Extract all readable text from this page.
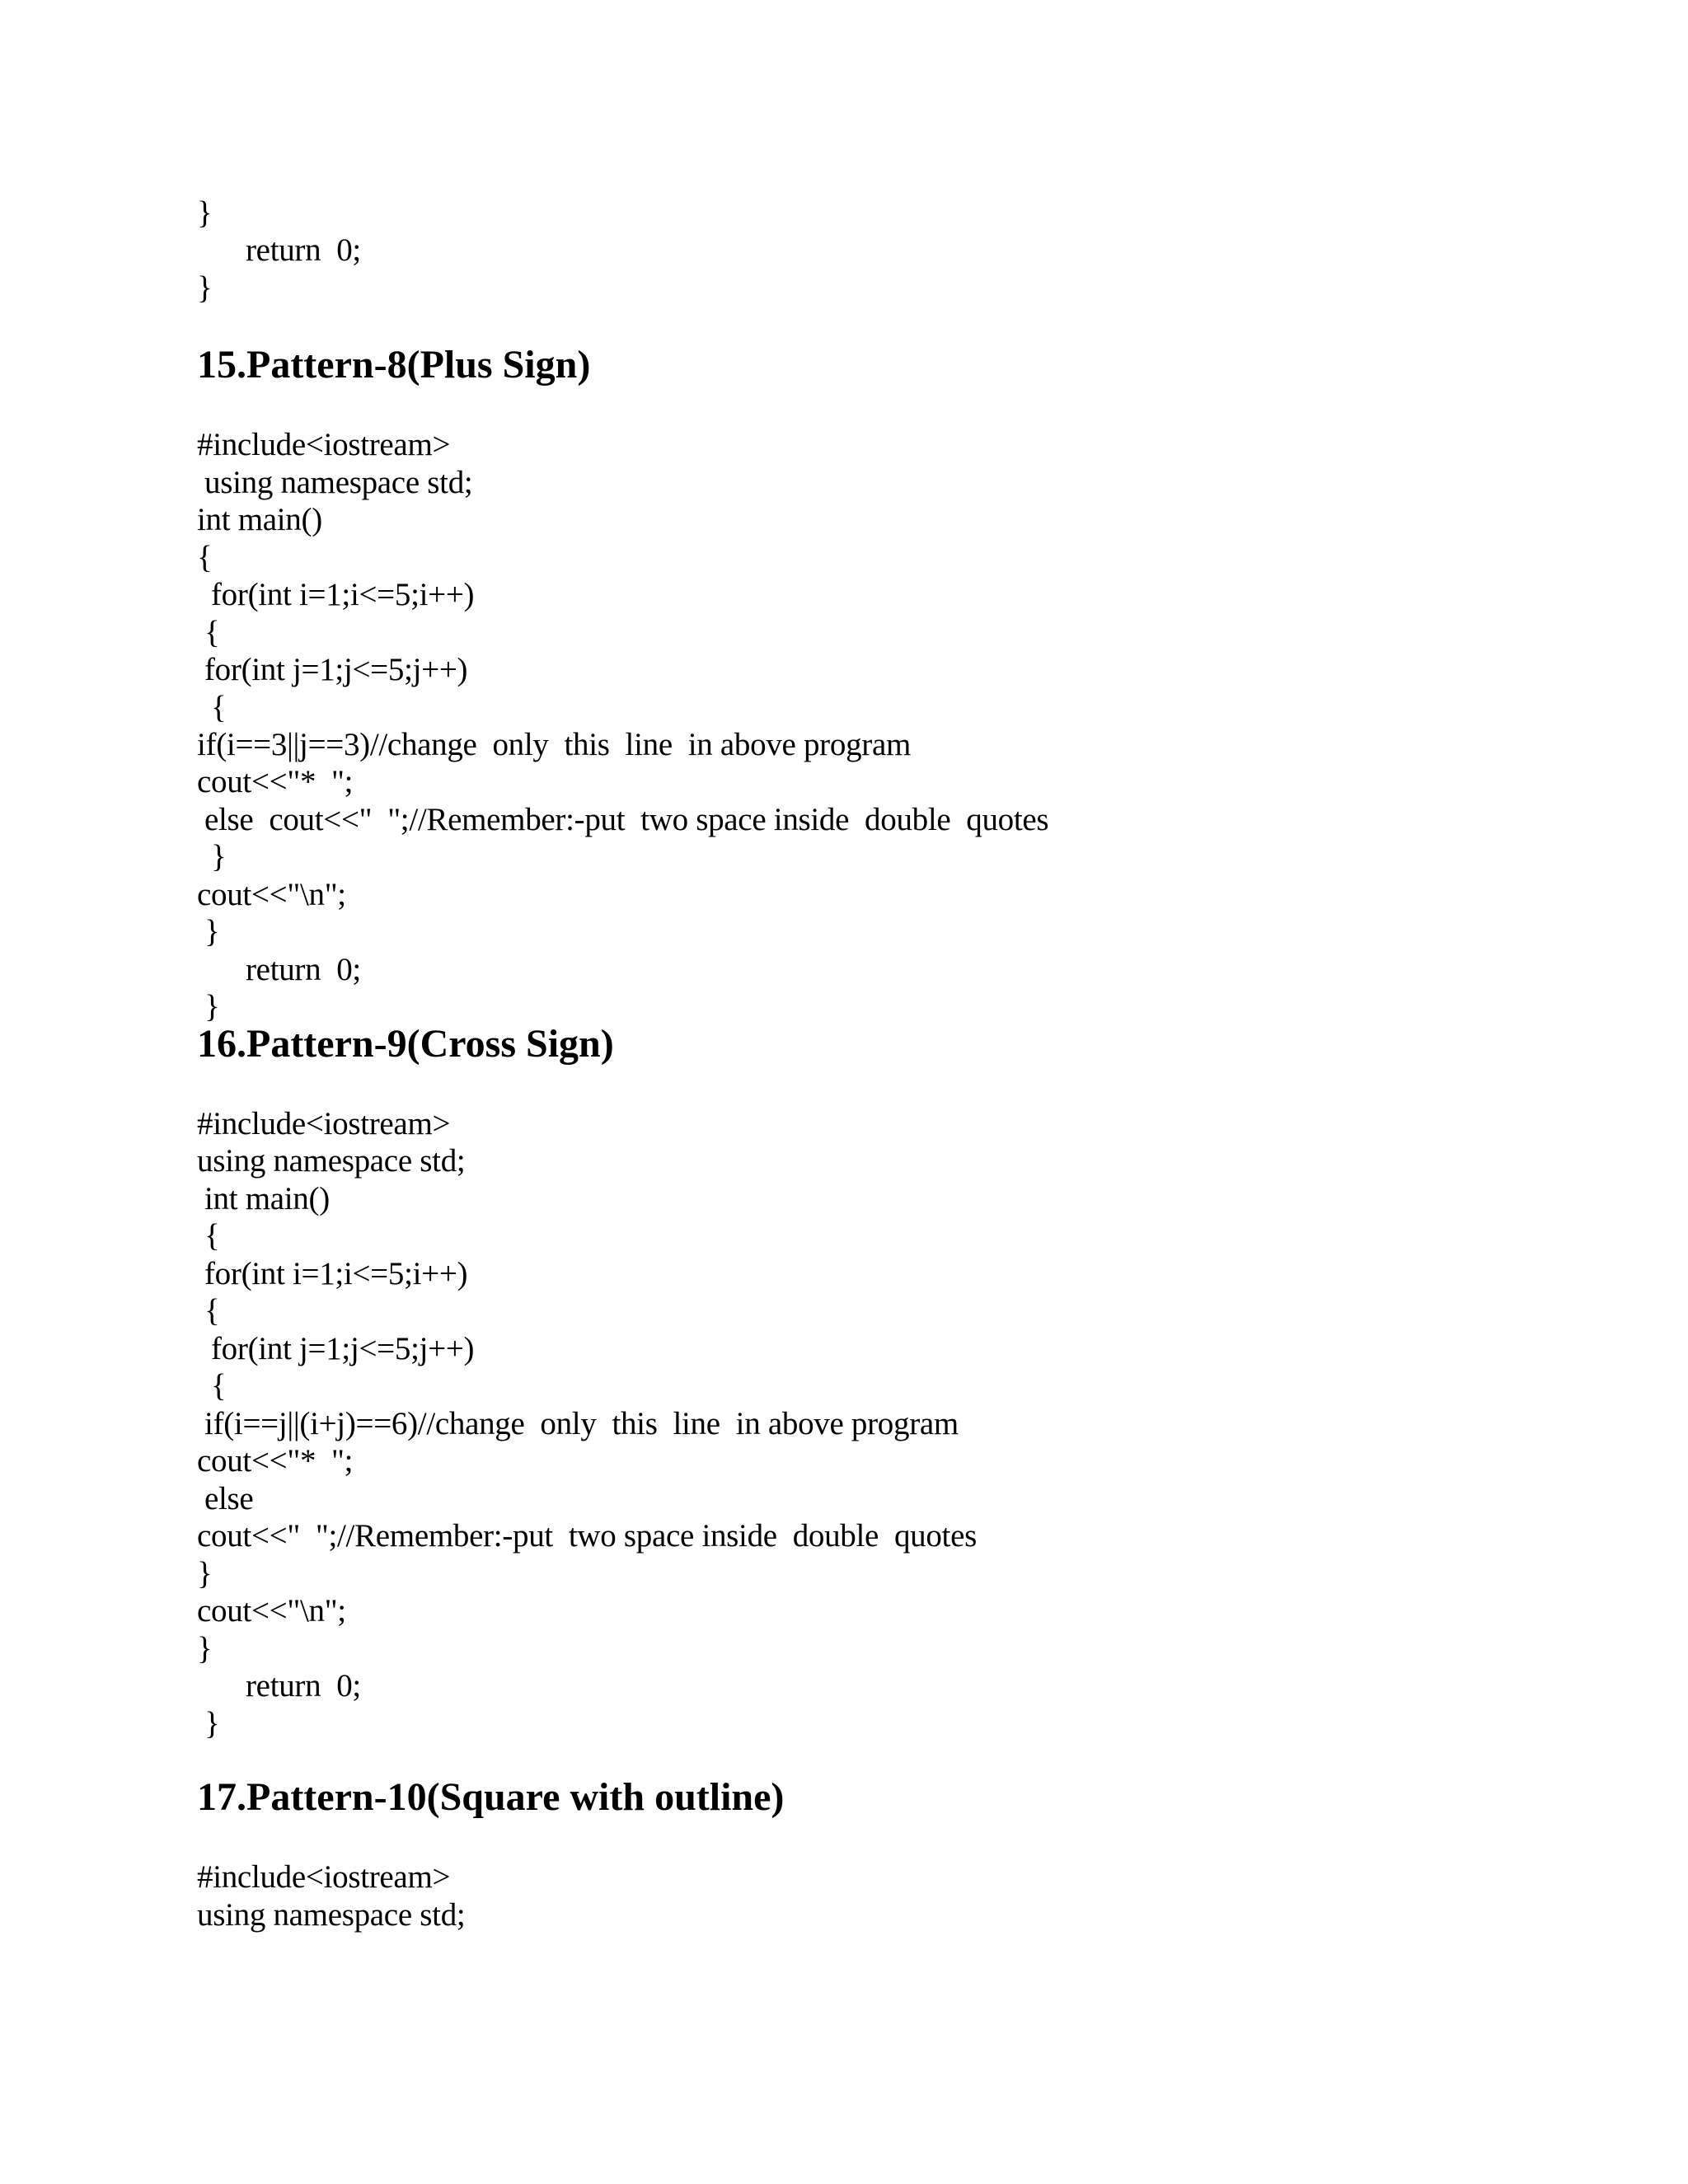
}
return  0;
}
15.Pattern-8(Plus Sign)
#include<iostream>
using namespace std;
int main()
{
for(int i=1;i<=5;i++)
{
for(int j=1;j<=5;j++)
{
if(i==3||j==3)//change  only  this  line  in above program
cout<<"*  ";
else  cout<<"  ";//Remember:-put  two space inside  double  quotes
}
cout<<"\n";
}
return  0;
}
16.Pattern-9(Cross Sign)
#include<iostream>
using namespace std;
int main()
{
for(int i=1;i<=5;i++)
{
for(int j=1;j<=5;j++)
{
if(i==j||(i+j)==6)//change  only  this  line  in above program
cout<<"*  ";
else
cout<<"  ";//Remember:-put  two space inside  double  quotes
}
cout<<"\n";
}
return  0;
}
17.Pattern-10(Square with outline)
#include<iostream>
using namespace std;
